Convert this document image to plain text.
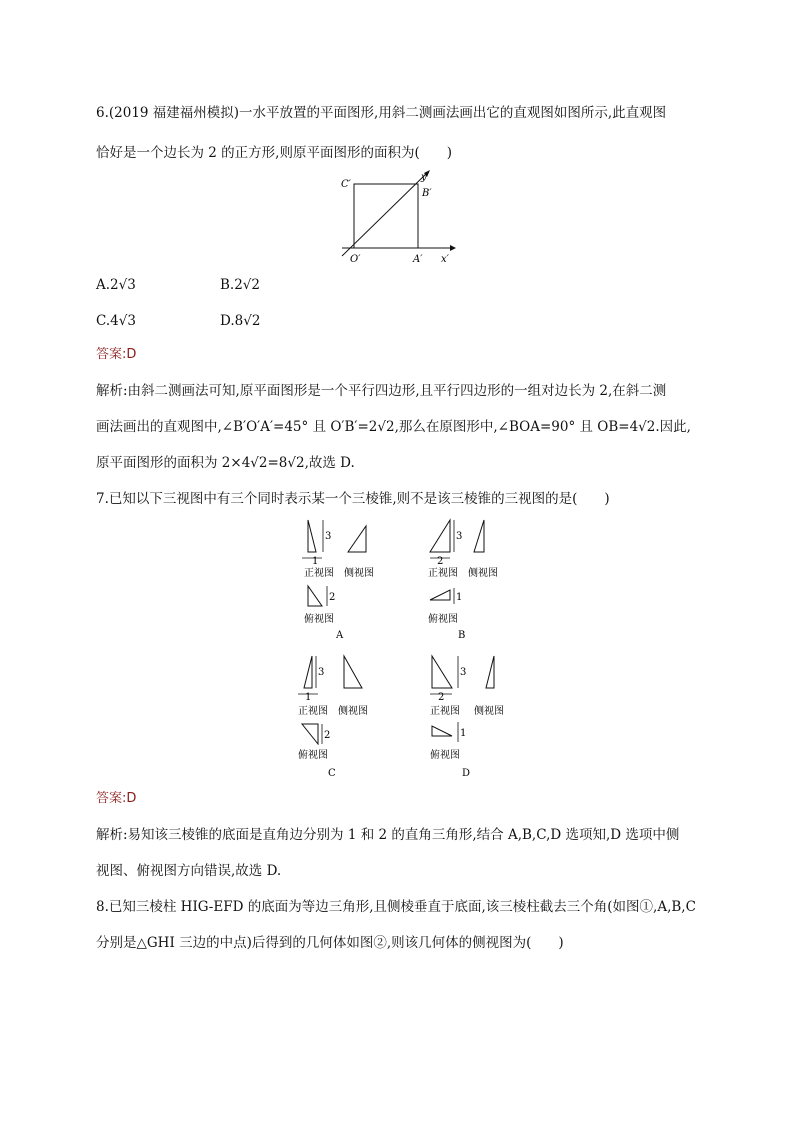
6.(2019 福建福州模拟)一水平放置的平面图形,用斜二测画法画出它的直观图如图所示,此直观图
恰好是一个边长为 2 的正方形,则原平面图形的面积为(　　)
C′
B′
y′
O′	A′ x′
A.2√3	B.2√2
C.4√3	D.8√2
答案:D
解析:由斜二测画法可知,原平面图形是一个平行四边形,且平行四边形的一组对边长为 2,在斜二测
画法画出的直观图中,∠B′O′A′=45° 且 O′B′=2√2,那么在原图形中,∠BOA=90° 且 OB=4√2.因此,
原平面图形的面积为 2×4√2=8√2,故选 D.
7.已知以下三视图中有三个同时表示某一个三棱锥,则不是该三棱锥的三视图的是(　　)
3
1
正视图 侧视图
2
俯视图
A
3
2
正视图 侧视图
1
俯视图
B
3
1
正视图 侧视图
2
俯视图
C
3
2
正视图 侧视图
1
俯视图
D
答案:D
解析:易知该三棱锥的底面是直角边分别为 1 和 2 的直角三角形,结合 A,B,C,D 选项知,D 选项中侧
视图、俯视图方向错误,故选 D.
8.已知三棱柱 HIG-EFD 的底面为等边三角形,且侧棱垂直于底面,该三棱柱截去三个角(如图①,A,B,C
分别是△GHI 三边的中点)后得到的几何体如图②,则该几何体的侧视图为(　　)
